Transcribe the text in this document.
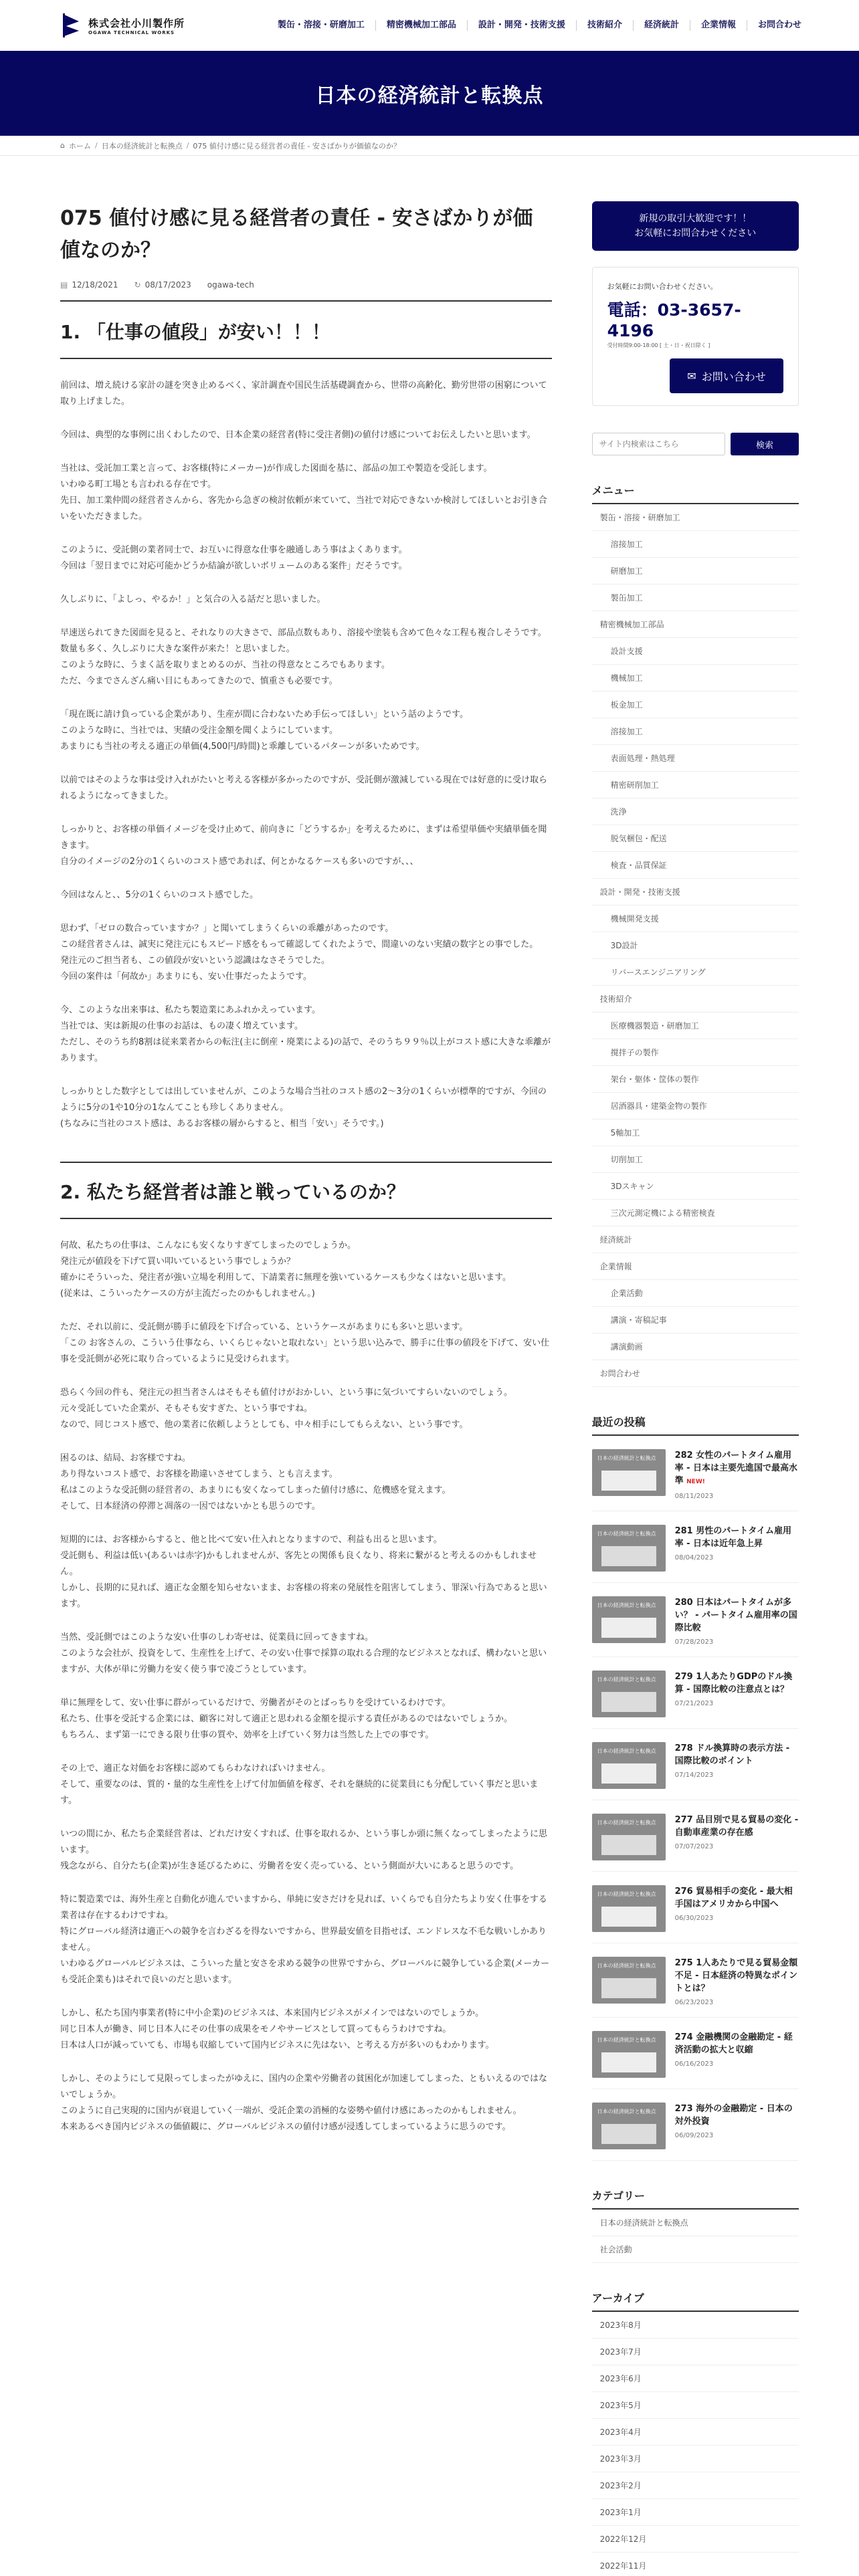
株式会社小川製作所
OGAWA TECHNICAL WORKS
製缶・溶接・研磨加工	精密機械加工部品	設計・開発・技術支援	技術紹介	経済統計	企業情報	お問合わせ
日本の経済統計と転換点
⌂ ホーム / 日本の経済統計と転換点 / 075 値付け感に見る経営者の責任 - 安さばかりが価値なのか？
075 値付け感に見る経営者の責任 - 安さばかりが価値なのか？
▤ 12/18/2021 ↻ 08/17/2023 ogawa-tech
1. 「仕事の値段」が安い！！！

前回は、増え続ける家計の謎を突き止めるべく、家計調査や国民生活基礎調査から、世帯の高齢化、勤労世帯の困窮について取り上げました。

今回は、典型的な事例に出くわしたので、日本企業の経営者(特に受注者側)の値付け感についてお伝えしたいと思います。

当社は、受託加工業と言って、お客様(特にメーカー)が作成した図面を基に、部品の加工や製造を受託します。
いわゆる町工場とも言われる存在です。
先日、加工業仲間の経営者さんから、客先から急ぎの検討依頼が来ていて、当社で対応できないか検討してほしいとお引き合いをいただきました。

このように、受託側の業者同士で、お互いに得意な仕事を融通しあう事はよくあります。
今回は「翌日までに対応可能かどうか結論が欲しいボリュームのある案件」だそうです。

久しぶりに、「よしっ、やるか！」と気合の入る話だと思いました。

早速送られてきた図面を見ると、それなりの大きさで、部品点数もあり、溶接や塗装も含めて色々な工程も複合しそうです。
数量も多く、久しぶりに大きな案件が来た！と思いました。
このような時に、うまく話を取りまとめるのが、当社の得意なところでもあります。
ただ、今までさんざん痛い目にもあってきたので、慎重さも必要です。

「現在既に請け負っている企業があり、生産が間に合わないため手伝ってほしい」という話のようです。
このような時に、当社では、実績の受注金額を聞くようにしています。
あまりにも当社の考える適正の単価(4,500円/時間)と乖離しているパターンが多いためです。

以前ではそのような事は受け入れがたいと考える客様が多かったのですが、受託側が激減している現在では好意的に受け取られるようになってきました。

しっかりと、お客様の単価イメージを受け止めて、前向きに「どうするか」を考えるために、まずは希望単価や実績単価を聞きます。
自分のイメージの2分の1くらいのコスト感であれば、何とかなるケースも多いのですが、、、

今回はなんと、、5分の1くらいのコスト感でした。

思わず、「ゼロの数合っていますか？」と聞いてしまうくらいの乖離があったのです。
この経営者さんは、誠実に発注元にもスピード感をもって確認してくれたようで、間違いのない実績の数字との事でした。
発注元のご担当者も、この値段が安いという認識はなさそうでした。
今回の案件は「何故か」あまりにも、安い仕事だったようです。

今、このような出来事は、私たち製造業にあふれかえっています。
当社では、実は新規の仕事のお話は、もの凄く増えています。
ただし、そのうち約8割は従来業者からの転注(主に倒産・廃業による)の話で、そのうち９９％以上がコスト感に大きな乖離があります。

しっかりとした数字としては出していませんが、このような場合当社のコスト感の2〜3分の1くらいが標準的ですが、今回のように5分の1や10分の1なんてことも珍しくありません。
(ちなみに当社のコスト感は、あるお客様の層からすると、相当「安い」そうです。)

2. 私たち経営者は誰と戦っているのか？

何故、私たちの仕事は、こんなにも安くなりすぎてしまったのでしょうか。
発注元が値段を下げて買い叩いているという事でしょうか？
確かにそういった、発注者が強い立場を利用して、下請業者に無理を強いているケースも少なくはないと思います。
(従来は、こういったケースの方が主流だったのかもしれません。)

ただ、それ以前に、受託側が勝手に値段を下げ合っている、というケースがあまりにも多いと思います。
「この お客さんの、こういう仕事なら、いくらじゃないと取れない」という思い込みで、勝手に仕事の値段を下げて、安い仕事を受託側が必死に取り合っているように見受けられます。

恐らく今回の件も、発注元の担当者さんはそもそも値付けがおかしい、という事に気づいてすらいないのでしょう。
元々受託していた企業が、そもそも安すぎた、という事ですね。
なので、同じコスト感で、他の業者に依頼しようとしても、中々相手にしてもらえない、という事です。

困るのは、結局、お客様ですね。
あり得ないコスト感で、お客様を勘違いさせてしまう、とも言えます。
私はこのような受託側の経営者の、あまりにも安くなってしまった値付け感に、危機感を覚えます。
そして、日本経済の停滞と凋落の一因ではないかとも思うのです。

短期的には、お客様からすると、他と比べて安い仕入れとなりますので、利益も出ると思います。
受託側も、利益は低い(あるいは赤字)かもしれませんが、客先との関係も良くなり、将来に繋がると考えるのかもしれません。
しかし、長期的に見れば、適正な金額を知らせないまま、お客様の将来の発展性を阻害してしまう、罪深い行為であると思います。

当然、受託側ではこのような安い仕事のしわ寄せは、従業員に回ってきますね。
このような会社が、投資をして、生産性を上げて、その安い仕事で採算の取れる合理的なビジネスとなれば、構わないと思いますが、大体が単に労働力を安く使う事で凌ごうとしています。

単に無理をして、安い仕事に群がっているだけで、労働者がそのとばっちりを受けているわけです。
私たち、仕事を受託する企業には、顧客に対して適正と思われる金額を提示する責任があるのではないでしょうか。
もちろん、まず第一にできる限り仕事の質や、効率を上げていく努力は当然した上での事です。

その上で、適正な対価をお客様に認めてもらわなければいけません。
そして、重要なのは、質的・量的な生産性を上げて付加価値を稼ぎ、それを継続的に従業員にも分配していく事だと思います。

いつの間にか、私たち企業経営者は、どれだけ安くすれば、仕事を取れるか、という事しか頭に無くなってしまったように思います。
残念ながら、自分たち(企業)が生き延びるために、労働者を安く売っている、という側面が大いにあると思うのです。

特に製造業では、海外生産と自動化が進んでいますから、単純に安さだけを見れば、いくらでも自分たちより安く仕事をする業者は存在するわけですね。
特にグローバル経済は適正への競争を言わざるを得ないですから、世界最安値を目指せば、エンドレスな不毛な戦いしかありません。
いわゆるグローバルビジネスは、こういった量と安さを求める競争の世界ですから、グローバルに競争している企業(メーカーも受託企業も)はそれで良いのだと思います。

しかし、私たち国内事業者(特に中小企業)のビジネスは、本来国内ビジネスがメインではないのでしょうか。
同じ日本人が働き、同じ日本人にその仕事の成果をモノやサービスとして買ってもらうわけですね。
日本は人口が減っていても、市場も収縮していて国内ビジネスに先はない、と考える方が多いのもわかります。

しかし、そのようにして見限ってしまったがゆえに、国内の企業や労働者の貧困化が加速してしまった、ともいえるのではないでしょうか。
このように自己実現的に国内が衰退していく一端が、受託企業の消極的な姿勢や値付け感にあったのかもしれません。
本来あるべき国内ビジネスの価値観に、グローバルビジネスの値付け感が浸透してしまっているように思うのです。

新規の取引大歓迎です！！
お気軽にお問合わせください
お気軽にお問い合わせください。
電話：03-3657-4196
受付時間9:00-18:00 [ 土・日・祝日除く ]
✉ お問い合わせ
サイト内検索はこちら
検索
メニュー
製缶・溶接・研磨加工
溶接加工
研磨加工
製缶加工
精密機械加工部品
設計支援
機械加工
板金加工
溶接加工
表面処理・熱処理
精密研削加工
洗浄
脱気梱包・配送
検査・品質保証
設計・開発・技術支援
機械開発支援
3D設計
リバースエンジニアリング
技術紹介
医療機器製造・研磨加工
撹拌子の製作
架台・躯体・筐体の製作
居酒器具・建築金物の製作
5軸加工
切削加工
3Dスキャン
三次元測定機による精密検査
経済統計
企業情報
企業活動
講演・寄稿記事
講演動画
お問合わせ
最近の投稿
日本の経済統計と転換点 282 女性のパートタイム雇用率 - 日本は主要先進国で最高水準 NEW!
08/11/2023
日本の経済統計と転換点 281 男性のパートタイム雇用率 - 日本は近年急上昇
08/04/2023
日本の経済統計と転換点 280 日本はパートタイムが多い？ - パートタイム雇用率の国際比較
07/28/2023
日本の経済統計と転換点 279 1人あたりGDPのドル換算 - 国際比較の注意点とは？
07/21/2023
日本の経済統計と転換点 278 ドル換算時の表示方法 - 国際比較のポイント
07/14/2023
日本の経済統計と転換点 277 品目別で見る貿易の変化 - 自動車産業の存在感
07/07/2023
日本の経済統計と転換点 276 貿易相手の変化 - 最大相手国はアメリカから中国へ
06/30/2023
日本の経済統計と転換点 275 1人あたりで見る貿易金額不足 - 日本経済の特異なポイントとは？
06/23/2023
日本の経済統計と転換点 274 金融機関の金融勘定 - 経済活動の拡大と収縮
06/16/2023
日本の経済統計と転換点 273 海外の金融勘定 - 日本の対外投資
06/09/2023
カテゴリー
日本の経済統計と転換点
社会活動
アーカイブ
2023年8月
2023年7月
2023年6月
2023年5月
2023年4月
2023年3月
2023年2月
2023年1月
2022年12月
2022年11月
